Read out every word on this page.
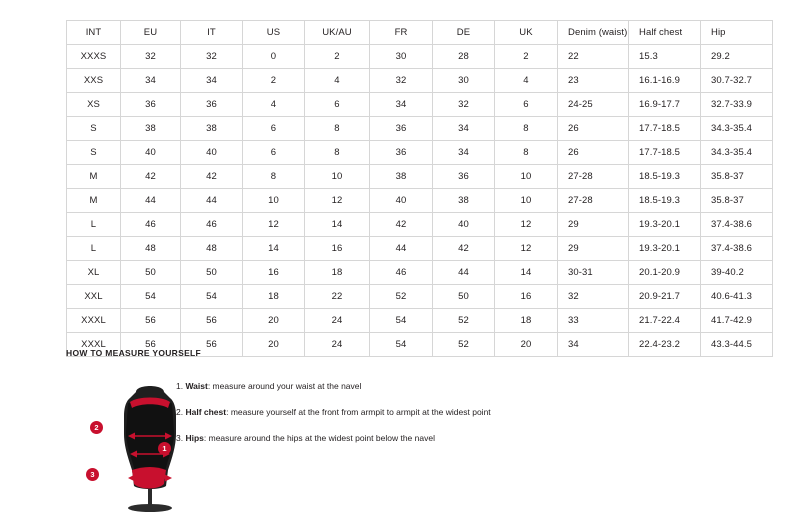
INT	EU	IT	US	UK/AU	FR	DE	UK	Denim (waist)	Half chest	Hip
XXXS	32	32	0	2	30	28	2	22	15.3	29.2
XXS	34	34	2	4	32	30	4	23	16.1-16.9	30.7-32.7
XS	36	36	4	6	34	32	6	24-25	16.9-17.7	32.7-33.9
S	38	38	6	8	36	34	8	26	17.7-18.5	34.3-35.4
S	40	40	6	8	36	34	8	26	17.7-18.5	34.3-35.4
M	42	42	8	10	38	36	10	27-28	18.5-19.3	35.8-37
M	44	44	10	12	40	38	10	27-28	18.5-19.3	35.8-37
L	46	46	12	14	42	40	12	29	19.3-20.1	37.4-38.6
L	48	48	14	16	44	42	12	29	19.3-20.1	37.4-38.6
XL	50	50	16	18	46	44	14	30-31	20.1-20.9	39-40.2
XXL	54	54	18	22	52	50	16	32	20.9-21.7	40.6-41.3
XXXL	56	56	20	24	54	52	18	33	21.7-22.4	41.7-42.9
XXXL	56	56	20	24	54	52	20	34	22.4-23.2	43.3-44.5
HOW TO MEASURE YOURSELF
1
2
3
1. Waist: measure around your waist at the navel
2. Half chest: measure yourself at the front from armpit to armpit at the widest point
3. Hips: measure around the hips at the widest point below the navel
